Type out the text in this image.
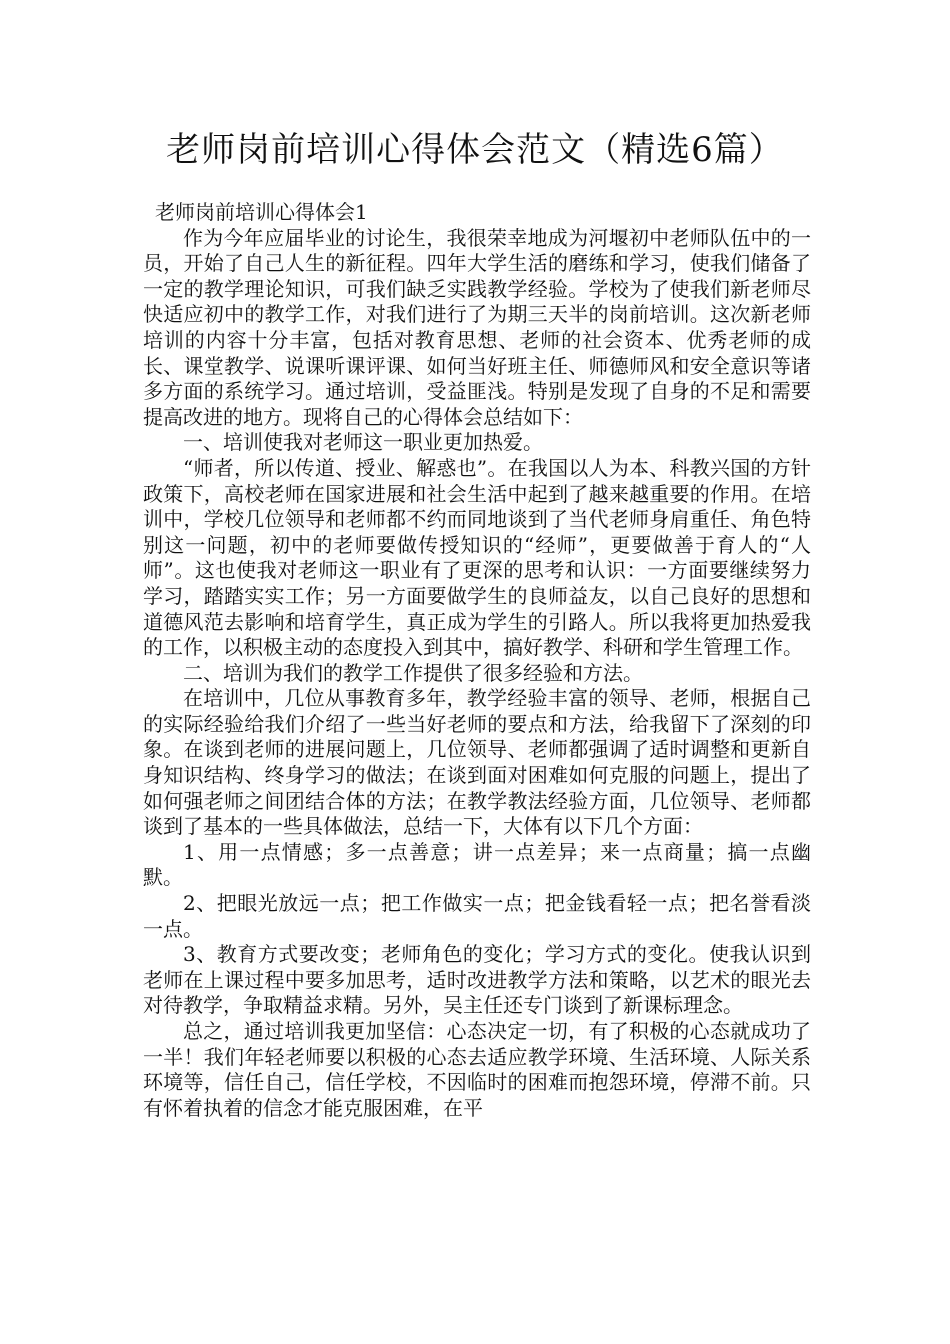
老师岗前培训心得体会范文（精选6篇）

老师岗前培训心得体会1

作为今年应届毕业的讨论生，我很荣幸地成为河堰初中老师队伍中的一员，开始了自己人生的新征程。四年大学生活的磨练和学习，使我们储备了一定的教学理论知识，可我们缺乏实践教学经验。学校为了使我们新老师尽快适应初中的教学工作，对我们进行了为期三天半的岗前培训。这次新老师培训的内容十分丰富，包括对教育思想、老师的社会资本、优秀老师的成长、课堂教学、说课听课评课、如何当好班主任、师德师风和安全意识等诸多方面的系统学习。通过培训，受益匪浅。特别是发现了自身的不足和需要提高改进的地方。现将自己的心得体会总结如下：

一、培训使我对老师这一职业更加热爱。

“师者，所以传道、授业、解惑也”。在我国以人为本、科教兴国的方针政策下，高校老师在国家进展和社会生活中起到了越来越重要的作用。在培训中，学校几位领导和老师都不约而同地谈到了当代老师身肩重任、角色特别这一问题，初中的老师要做传授知识的“经师”，更要做善于育人的“人师”。这也使我对老师这一职业有了更深的思考和认识：一方面要继续努力学习，踏踏实实工作；另一方面要做学生的良师益友，以自己良好的思想和道德风范去影响和培育学生，真正成为学生的引路人。所以我将更加热爱我的工作，以积极主动的态度投入到其中，搞好教学、科研和学生管理工作。

二、培训为我们的教学工作提供了很多经验和方法。

在培训中，几位从事教育多年，教学经验丰富的领导、老师，根据自己的实际经验给我们介绍了一些当好老师的要点和方法，给我留下了深刻的印象。在谈到老师的进展问题上，几位领导、老师都强调了适时调整和更新自身知识结构、终身学习的做法；在谈到面对困难如何克服的问题上，提出了如何强老师之间团结合体的方法；在教学教法经验方面，几位领导、老师都谈到了基本的一些具体做法，总结一下，大体有以下几个方面：

1、用一点情感；多一点善意；讲一点差异；来一点商量；搞一点幽默。

2、把眼光放远一点；把工作做实一点；把金钱看轻一点；把名誉看淡一点。

3、教育方式要改变；老师角色的变化；学习方式的变化。使我认识到老师在上课过程中要多加思考，适时改进教学方法和策略，以艺术的眼光去对待教学，争取精益求精。另外，吴主任还专门谈到了新课标理念。

总之，通过培训我更加坚信：心态决定一切，有了积极的心态就成功了一半！我们年轻老师要以积极的心态去适应教学环境、生活环境、人际关系环境等，信任自己，信任学校，不因临时的困难而抱怨环境，停滞不前。只有怀着执着的信念才能克服困难，在平
